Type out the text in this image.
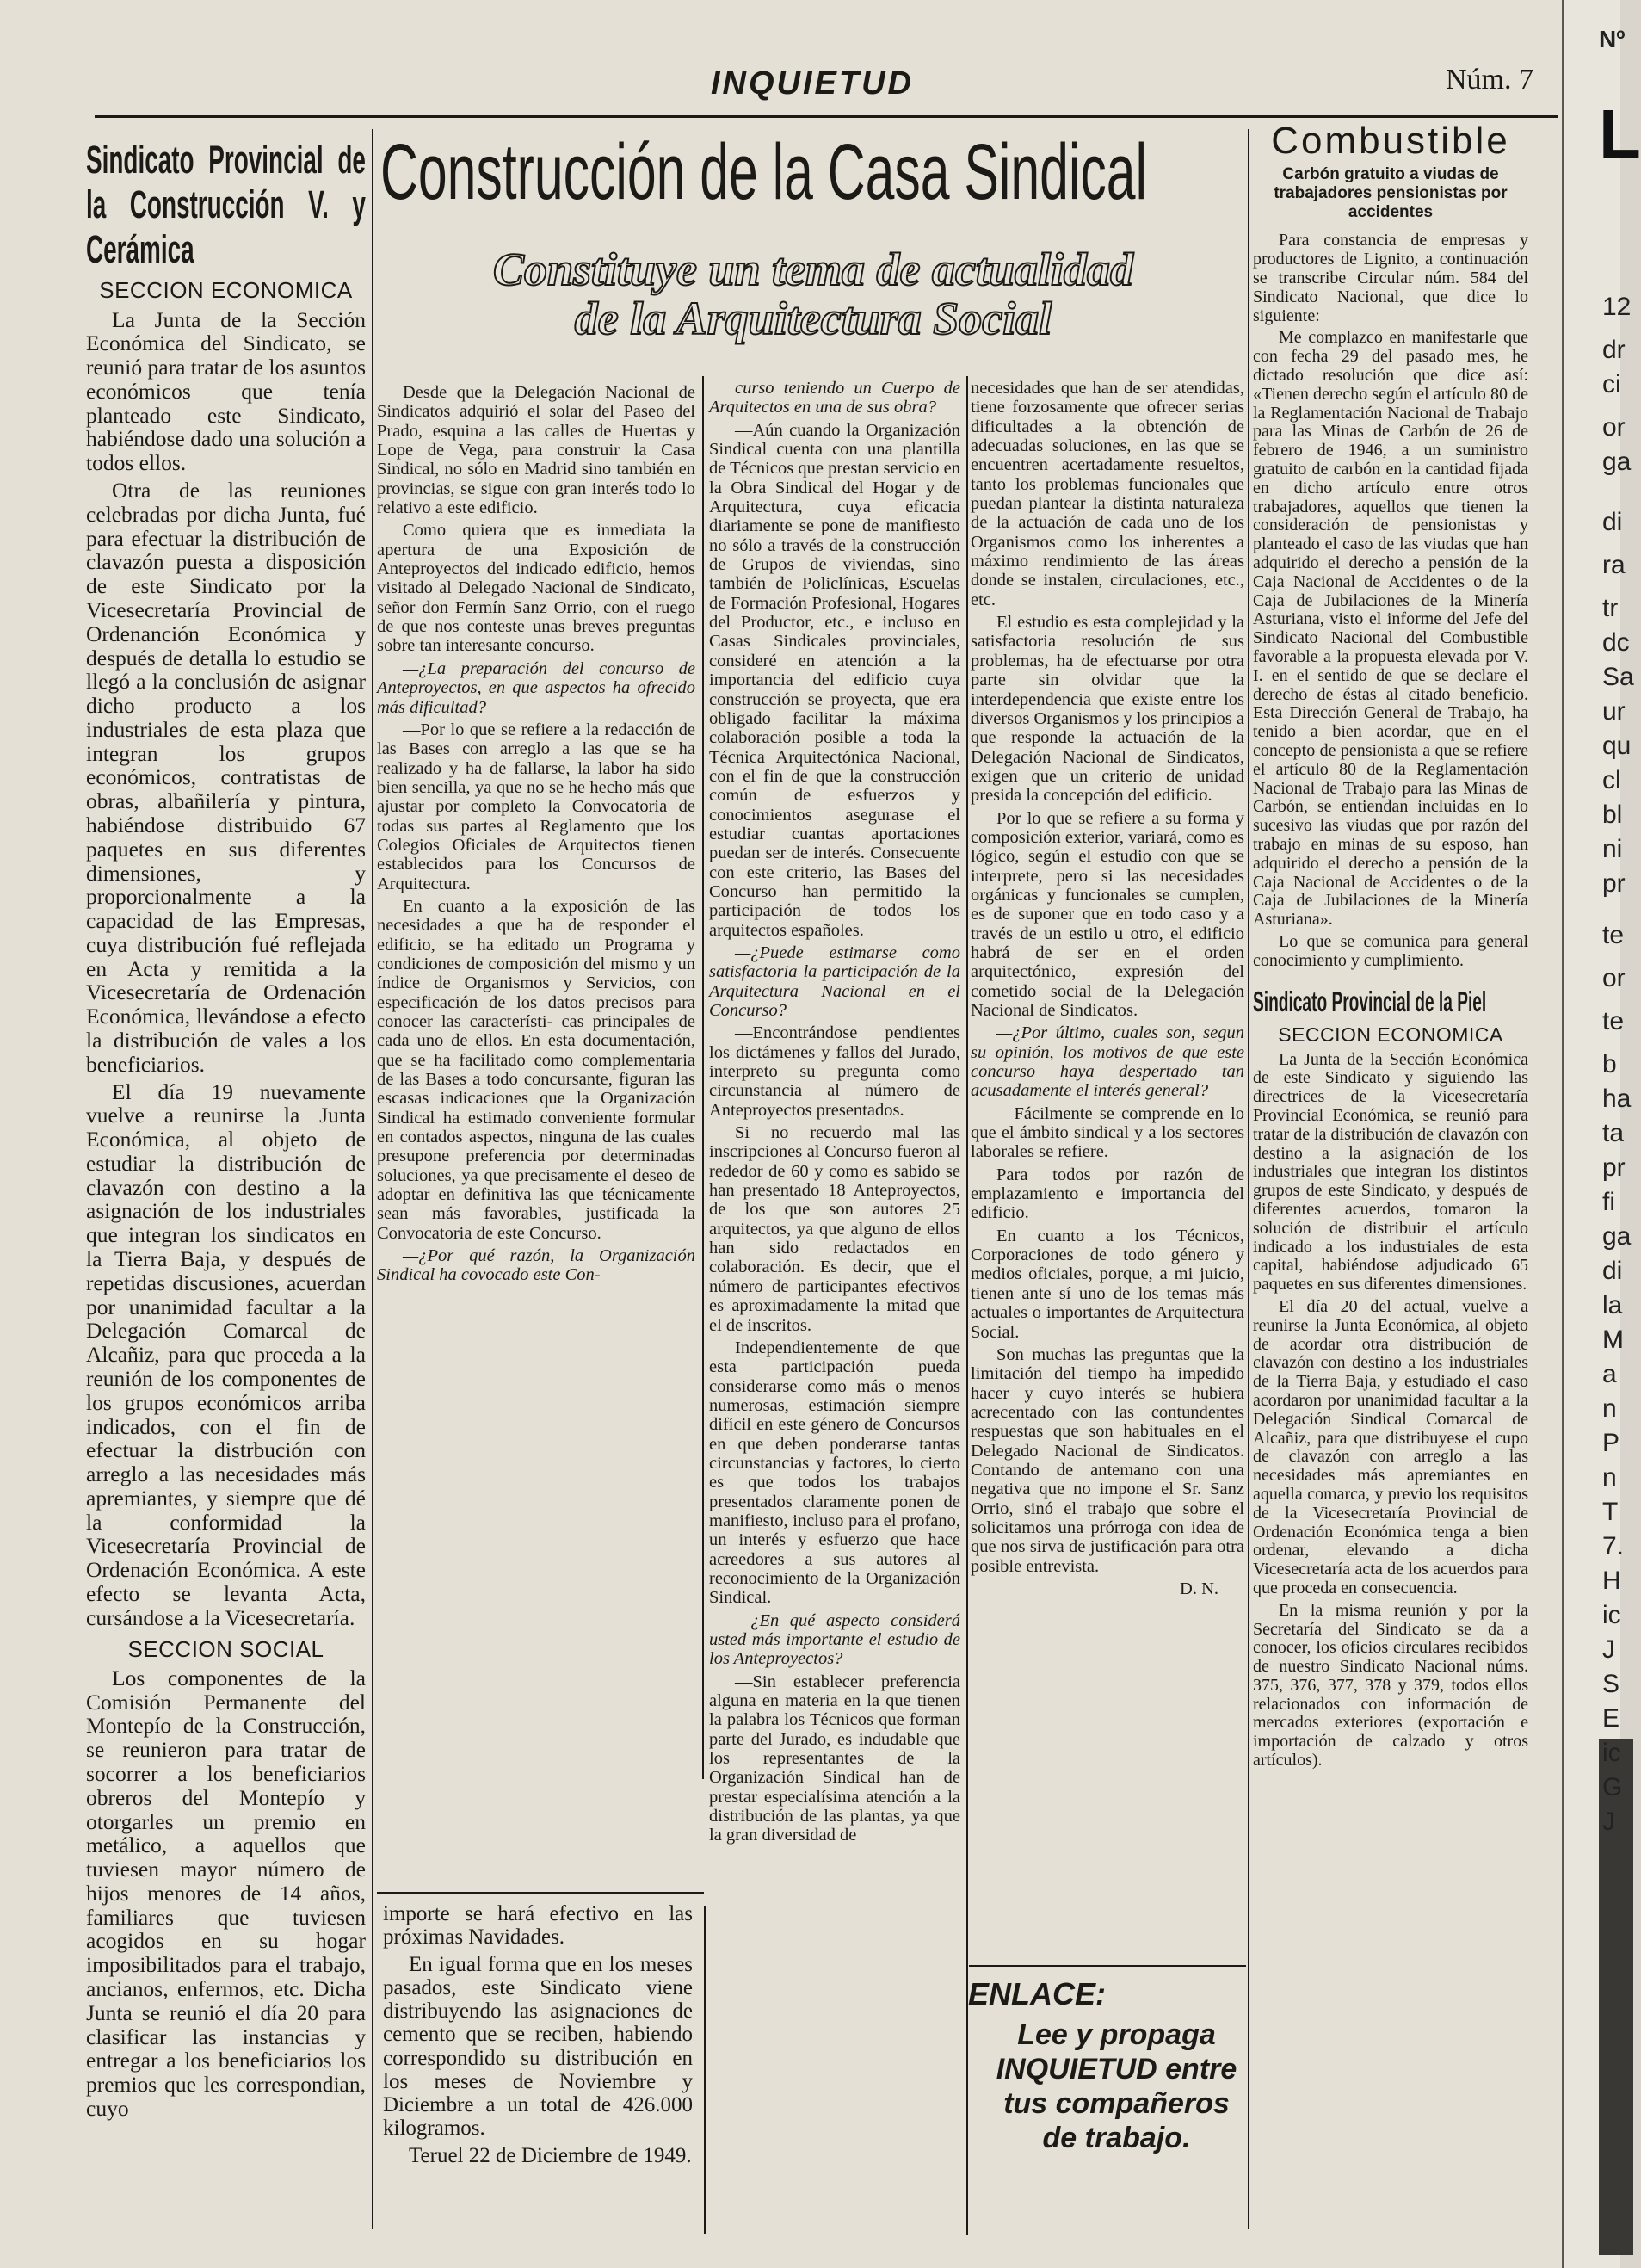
INQUIETUD	Núm. 7
Sindicato Provincial de la Construcción V. y Cerámica
SECCION ECONOMICA

La Junta de la Sección Económica del Sindicato, se reunió para tratar de los asuntos económicos que tenía planteado este Sindicato, habiéndose dado una solución a todos ellos.

Otra de las reuniones celebradas por dicha Junta, fué para efectuar la distribución de clavazón puesta a disposición de este Sindicato por la Vicesecretaría Provincial de Ordenanción Económica y después de detalla lo estudio se llegó a la conclusión de asignar dicho producto a los industriales de esta plaza que integran los grupos económicos, contratistas de obras, albañilería y pintura, habiéndose distribuido 67 paquetes en sus diferentes dimensiones, y proporcionalmente a la capacidad de las Empresas, cuya distribución fué reflejada en Acta y remitida a la Vicesecretaría de Ordenación Económica, llevándose a efecto la distribución de vales a los beneficiarios.

El día 19 nuevamente vuelve a reunirse la Junta Económica, al objeto de estudiar la distribución de clavazón con destino a la asignación de los industriales que integran los sindicatos en la Tierra Baja, y después de repetidas discusiones, acuerdan por unanimidad facultar a la Delegación Comarcal de Alcañiz, para que proceda a la reunión de los componentes de los grupos económicos arriba indicados, con el fin de efectuar la distrbución con arreglo a las necesidades más apremiantes, y siempre que dé la conformidad la Vicesecretaría Provincial de Ordenación Económica. A este efecto se levanta Acta, cursándose a la Vicesecretaría.

SECCION SOCIAL

Los componentes de la Comisión Permanente del Montepío de la Construcción, se reunieron para tratar de socorrer a los beneficiarios obreros del Montepío y otorgarles un premio en metálico, a aquellos que tuviesen mayor número de hijos menores de 14 años, familiares que tuviesen acogidos en su hogar imposibilitados para el trabajo, ancianos, enfermos, etc. Dicha Junta se reunió el día 20 para clasificar las instancias y entregar a los beneficiarios los premios que les correspondian, cuyo

Construcción de la Casa Sindical
Constituye un tema de actualidad
de la Arquitectura Social

Desde que la Delegación Nacional de Sindicatos adquirió el solar del Paseo del Prado, esquina a las calles de Huertas y Lope de Vega, para construir la Casa Sindical, no sólo en Madrid sino también en provincias, se sigue con gran interés todo lo relativo a este edificio.

Como quiera que es inmediata la apertura de una Exposición de Anteproyectos del indicado edificio, hemos visitado al Delegado Nacional de Sindicato, señor don Fermín Sanz Orrio, con el ruego de que nos conteste unas breves preguntas sobre tan interesante concurso.

—¿La preparación del concurso de Anteproyectos, en que aspectos ha ofrecido más dificultad?

—Por lo que se refiere a la redacción de las Bases con arreglo a las que se ha realizado y ha de fallarse, la labor ha sido bien sencilla, ya que no se he hecho más que ajustar por completo la Convocatoria de todas sus partes al Reglamento que los Colegios Oficiales de Arquitectos tienen establecidos para los Concursos de Arquitectura.

En cuanto a la exposición de las necesidades a que ha de responder el edificio, se ha editado un Programa y condiciones de composición del mismo y un índice de Organismos y Servicios, con especificación de los datos precisos para conocer las característi- cas principales de cada uno de ellos. En esta documentación, que se ha facilitado como complementaria de las Bases a todo concursante, figuran las escasas indicaciones que la Organización Sindical ha estimado conveniente formular en contados aspectos, ninguna de las cuales presupone preferencia por determinadas soluciones, ya que precisamente el deseo de adoptar en definitiva las que técnicamente sean más favorables, justificada la Convocatoria de este Concurso.

—¿Por qué razón, la Organización Sindical ha covocado este Con-

curso teniendo un Cuerpo de Arquitectos en una de sus obra?

—Aún cuando la Organización Sindical cuenta con una plantilla de Técnicos que prestan servicio en la Obra Sindical del Hogar y de Arquitectura, cuya eficacia diariamente se pone de manifiesto no sólo a través de la construcción de Grupos de viviendas, sino también de Policlínicas, Escuelas de Formación Profesional, Hogares del Productor, etc., e incluso en Casas Sindicales provinciales, consideré en atención a la importancia del edificio cuya construcción se proyecta, que era obligado facilitar la máxima colaboración posible a toda la Técnica Arquitectónica Nacional, con el fin de que la construcción común de esfuerzos y conocimientos asegurase el estudiar cuantas aportaciones puedan ser de interés. Consecuente con este criterio, las Bases del Concurso han permitido la participación de todos los arquitectos españoles.

—¿Puede estimarse como satisfactoria la participación de la Arquitectura Nacional en el Concurso?

—Encontrándose pendientes los dictámenes y fallos del Jurado, interpreto su pregunta como circunstancia al número de Anteproyectos presentados.

Si no recuerdo mal las inscripciones al Concurso fueron al rededor de 60 y como es sabido se han presentado 18 Anteproyectos, de los que son autores 25 arquitectos, ya que alguno de ellos han sido redactados en colaboración. Es decir, que el número de participantes efectivos es aproximadamente la mitad que el de inscritos.

Independientemente de que esta participación pueda considerarse como más o menos numerosas, estimación siempre difícil en este género de Concursos en que deben ponderarse tantas circunstancias y factores, lo cierto es que todos los trabajos presentados claramente ponen de manifiesto, incluso para el profano, un interés y esfuerzo que hace acreedores a sus autores al reconocimiento de la Organización Sindical.

—¿En qué aspecto considerá usted más importante el estudio de los Anteproyectos?

—Sin establecer preferencia alguna en materia en la que tienen la palabra los Técnicos que forman parte del Jurado, es indudable que los representantes de la Organización Sindical han de prestar especialísima atención a la distribución de las plantas, ya que la gran diversidad de

necesidades que han de ser atendidas, tiene forzosamente que ofrecer serias dificultades a la obtención de adecuadas soluciones, en las que se encuentren acertadamente resueltos, tanto los problemas funcionales que puedan plantear la distinta naturaleza de la actuación de cada uno de los Organismos como los inherentes a máximo rendimiento de las áreas donde se instalen, circulaciones, etc., etc.

El estudio es esta complejidad y la satisfactoria resolución de sus problemas, ha de efectuarse por otra parte sin olvidar que la interdependencia que existe entre los diversos Organismos y los principios a que responde la actuación de la Delegación Nacional de Sindicatos, exigen que un criterio de unidad presida la concepción del edificio.

Por lo que se refiere a su forma y composición exterior, variará, como es lógico, según el estudio con que se interprete, pero si las necesidades orgánicas y funcionales se cumplen, es de suponer que en todo caso y a través de un estilo u otro, el edificio habrá de ser en el orden arquitectónico, expresión del cometido social de la Delegación Nacional de Sindicatos.

—¿Por último, cuales son, segun su opinión, los motivos de que este concurso haya despertado tan acusadamente el interés general?

—Fácilmente se comprende en lo que el ámbito sindical y a los sectores laborales se refiere.

Para todos por razón de emplazamiento e importancia del edificio.

En cuanto a los Técnicos, Corporaciones de todo género y medios oficiales, porque, a mi juicio, tienen ante sí uno de los temas más actuales o importantes de Arquitectura Social.

Son muchas las preguntas que la limitación del tiempo ha impedido hacer y cuyo interés se hubiera acrecentado con las contundentes respuestas que son habituales en el Delegado Nacional de Sindicatos. Contando de antemano con una negativa que no impone el Sr. Sanz Orrio, sinó el trabajo que sobre el solicitamos una prórroga con idea de que nos sirva de justificación para otra posible entrevista.

D. N.

importe se hará efectivo en las próximas Navidades.

En igual forma que en los meses pasados, este Sindicato viene distribuyendo las asignaciones de cemento que se reciben, habiendo correspondido su distribución en los meses de Noviembre y Diciembre a un total de 426.000 kilogramos.

Teruel 22 de Diciembre de 1949.

ENLACE:
Lee y propaga INQUIETUD entre tus compañeros de trabajo.
Combustible
Carbón gratuito a viudas de trabajadores pensionistas por accidentes

Para constancia de empresas y productores de Lignito, a continuación se transcribe Circular núm. 584 del Sindicato Nacional, que dice lo siguiente:

Me complazco en manifestarle que con fecha 29 del pasado mes, he dictado resolución que dice así: «Tienen derecho según el artículo 80 de la Reglamentación Nacional de Trabajo para las Minas de Carbón de 26 de febrero de 1946, a un suministro gratuito de carbón en la cantidad fijada en dicho artículo entre otros trabajadores, aquellos que tienen la consideración de pensionistas y planteado el caso de las viudas que han adquirido el derecho a pensión de la Caja Nacional de Accidentes o de la Caja de Jubilaciones de la Minería Asturiana, visto el informe del Jefe del Sindicato Nacional del Combustible favorable a la propuesta elevada por V. I. en el sentido de que se declare el derecho de éstas al citado beneficio. Esta Dirección General de Trabajo, ha tenido a bien acordar, que en el concepto de pensionista a que se refiere el artículo 80 de la Reglamentación Nacional de Trabajo para las Minas de Carbón, se entiendan incluidas en lo sucesivo las viudas que por razón del trabajo en minas de su esposo, han adquirido el derecho a pensión de la Caja Nacional de Accidentes o de la Caja de Jubilaciones de la Minería Asturiana».

Lo que se comunica para general conocimiento y cumplimiento.

Sindicato Provincial de la Piel
SECCION ECONOMICA

La Junta de la Sección Económica de este Sindicato y siguiendo las directrices de la Vicesecretaría Provincial Económica, se reunió para tratar de la distribución de clavazón con destino a la asignación de los industriales que integran los distintos grupos de este Sindicato, y después de diferentes acuerdos, tomaron la solución de distribuir el artículo indicado a los industriales de esta capital, habiéndose adjudicado 65 paquetes en sus diferentes dimensiones.

El día 20 del actual, vuelve a reunirse la Junta Económica, al objeto de acordar otra distribución de clavazón con destino a los industriales de la Tierra Baja, y estudiado el caso acordaron por unanimidad facultar a la Delegación Sindical Comarcal de Alcañiz, para que distribuyese el cupo de clavazón con arreglo a las necesidades más apremiantes en aquella comarca, y previo los requisitos de la Vicesecretaría Provincial de Ordenación Económica tenga a bien ordenar, elevando a dicha Vicesecretaría acta de los acuerdos para que proceda en consecuencia.

En la misma reunión y por la Secretaría del Sindicato se da a conocer, los oficios circulares recibidos de nuestro Sindicato Nacional núms. 375, 376, 377, 378 y 379, todos ellos relacionados con información de mercados exteriores (exportación e importación de calzado y otros artículos).

L
Nº
12
dr
ci
or
ga
di
ra
tr
dc
Sa
ur
qu
cl
bl
ni
pr
te
or
te
b
ha
ta
pr
fi
ga
di
la
M
a
n
P
n
T
7.
H
ic
J
S
E
ic
G
J
